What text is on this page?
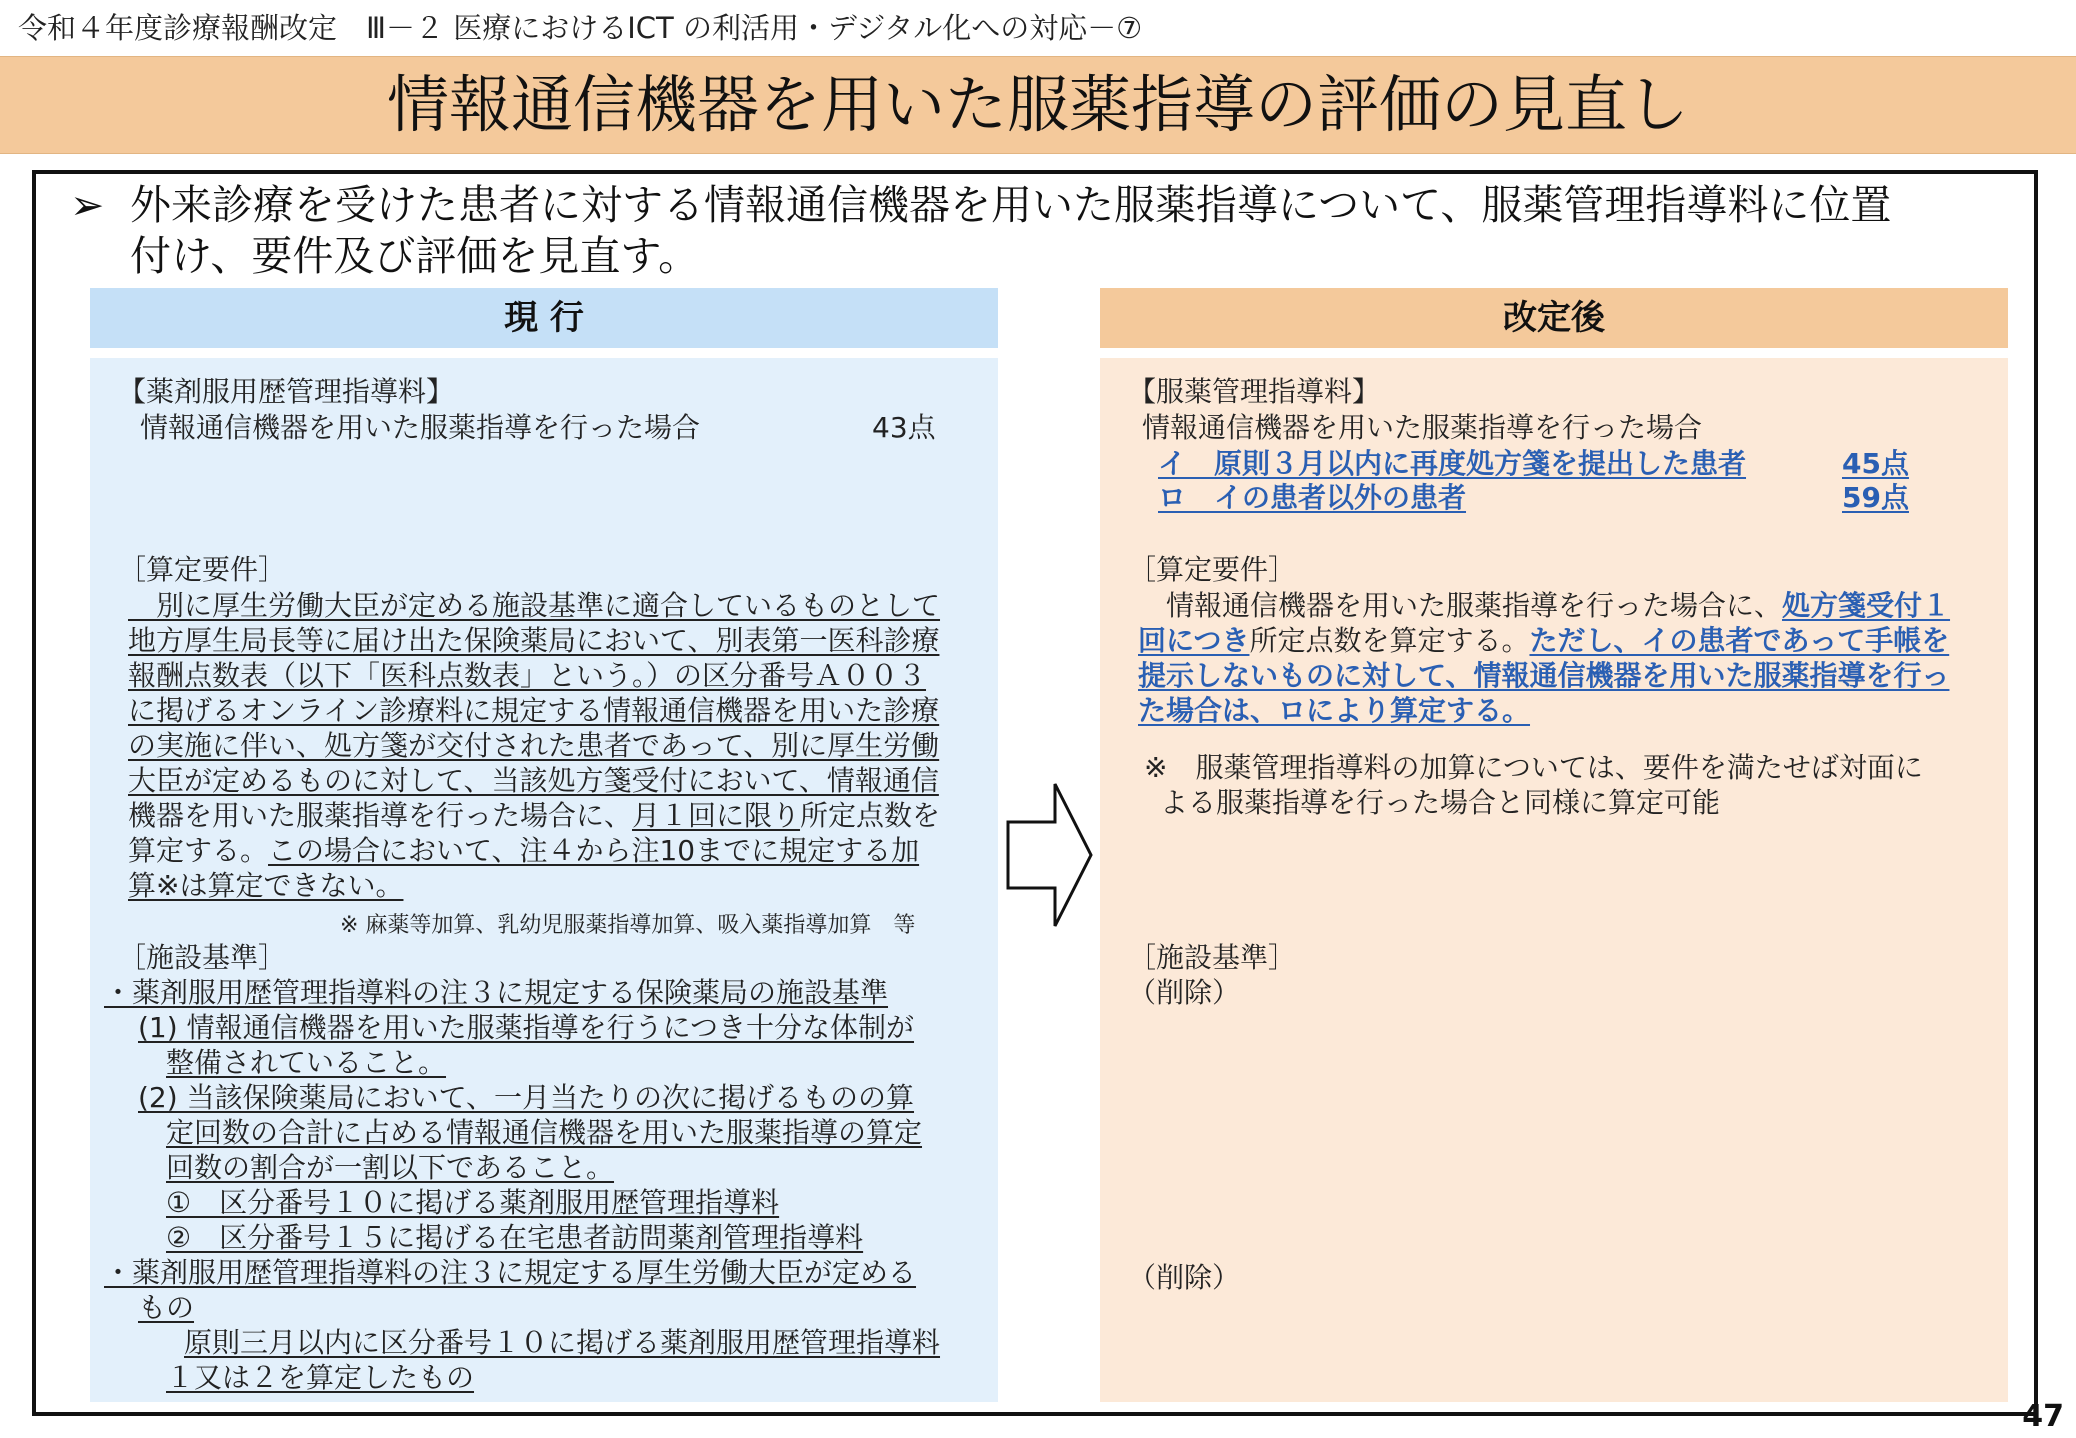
令和４年度診療報酬改定　Ⅲ－２ 医療におけるICT の利活用・デジタル化への対応－⑦
情報通信機器を用いた服薬指導の評価の見直し
➢ 外来診療を受けた患者に対する情報通信機器を用いた服薬指導について、服薬管理指導料に位置
付け、要件及び評価を見直す。
現 行	改定後
【薬剤服用歴管理指導料】
情報通信機器を用いた服薬指導を行った場合	43点
［算定要件］
　別に厚生労働大臣が定める施設基準に適合しているものとして
地方厚生局長等に届け出た保険薬局において、別表第一医科診療
報酬点数表（以下「医科点数表」という。）の区分番号Ａ００３
に掲げるオンライン診療料に規定する情報通信機器を用いた診療
の実施に伴い、処方箋が交付された患者であって、別に厚生労働
大臣が定めるものに対して、当該処方箋受付において、情報通信
機器を用いた服薬指導を行った場合に、月１回に限り所定点数を
算定する。この場合において、注４から注10までに規定する加
算※は算定できない。
※ 麻薬等加算、乳幼児服薬指導加算、吸入薬指導加算　等
［施設基準］
・薬剤服用歴管理指導料の注３に規定する保険薬局の施設基準
(1) 情報通信機器を用いた服薬指導を行うにつき十分な体制が
整備されていること。
(2) 当該保険薬局において、一月当たりの次に掲げるものの算
定回数の合計に占める情報通信機器を用いた服薬指導の算定
回数の割合が一割以下であること。
①　区分番号１０に掲げる薬剤服用歴管理指導料
②　区分番号１５に掲げる在宅患者訪問薬剤管理指導料
・薬剤服用歴管理指導料の注３に規定する厚生労働大臣が定める
もの
原則三月以内に区分番号１０に掲げる薬剤服用歴管理指導料
１又は２を算定したもの
【服薬管理指導料】
情報通信機器を用いた服薬指導を行った場合
イ　原則３月以内に再度処方箋を提出した患者	45点
ロ　イの患者以外の患者	59点
［算定要件］
　情報通信機器を用いた服薬指導を行った場合に、処方箋受付１
回につき所定点数を算定する。ただし、イの患者であって手帳を
提示しないものに対して、情報通信機器を用いた服薬指導を行っ
た場合は、ロにより算定する。
※　服薬管理指導料の加算については、要件を満たせば対面に
よる服薬指導を行った場合と同様に算定可能
［施設基準］
（削除）
（削除）
47
